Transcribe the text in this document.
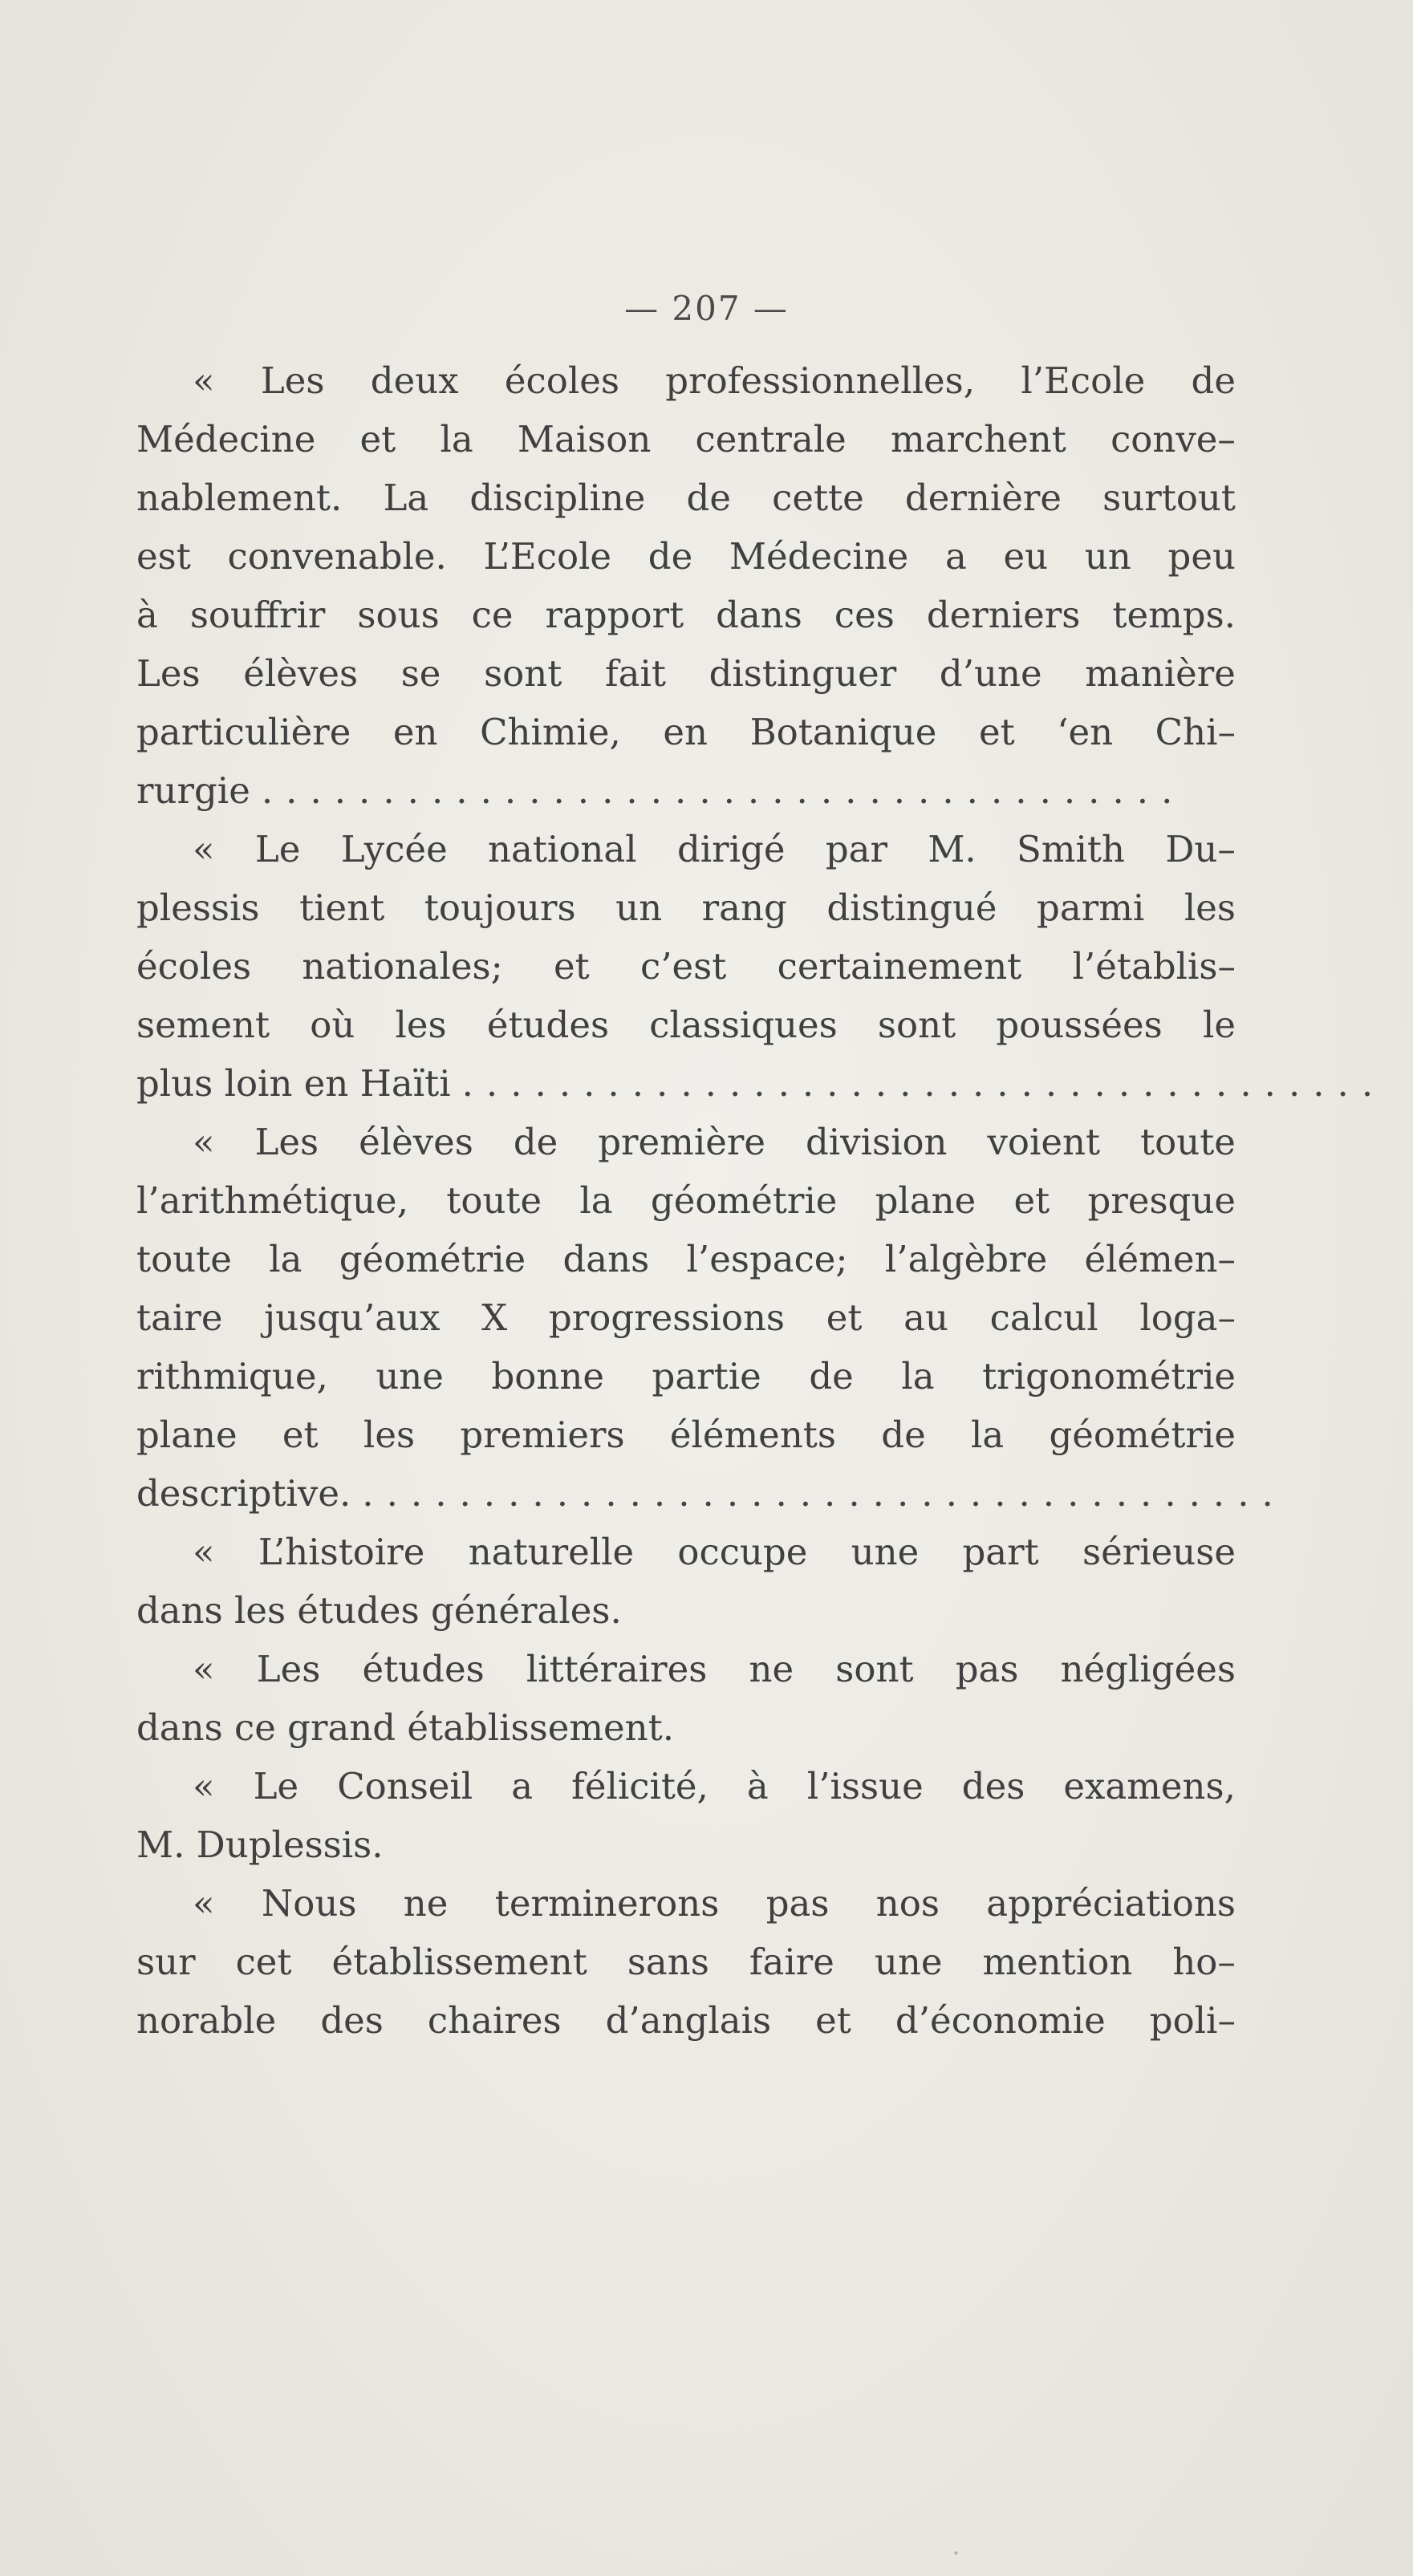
— 207 —
« Les deux écoles professionnelles, l’Ecole de
Médecine et la Maison centrale marchent conve–
nablement. La discipline de cette dernière surtout
est convenable. L’Ecole de Médecine a eu un peu
à souffrir sous ce rapport dans ces derniers temps.
Les élèves se sont fait distinguer d’une manière
particulière en Chimie, en Botanique et ‘en Chi–
rurgie ......................................
« Le Lycée national dirigé par M. Smith Du–
plessis tient toujours un rang distingué parmi les
écoles nationales; et c’est certainement l’établis–
sement où les études classiques sont poussées le
plus loin en Haïti ......................................
« Les élèves de première division voient toute
l’arithmétique, toute la géométrie plane et presque
toute la géométrie dans l’espace; l’algèbre élémen–
taire jusqu’aux X progressions et au calcul loga–
rithmique, une bonne partie de la trigonométrie
plane et les premiers éléments de la géométrie
descriptive. ......................................
« L’histoire naturelle occupe une part sérieuse
dans les études générales.
« Les études littéraires ne sont pas négligées
dans ce grand établissement.
« Le Conseil a félicité, à l’issue des examens,
M. Duplessis.
« Nous ne terminerons pas nos appréciations
sur cet établissement sans faire une mention ho–
norable des chaires d’anglais et d’économie poli–
·
